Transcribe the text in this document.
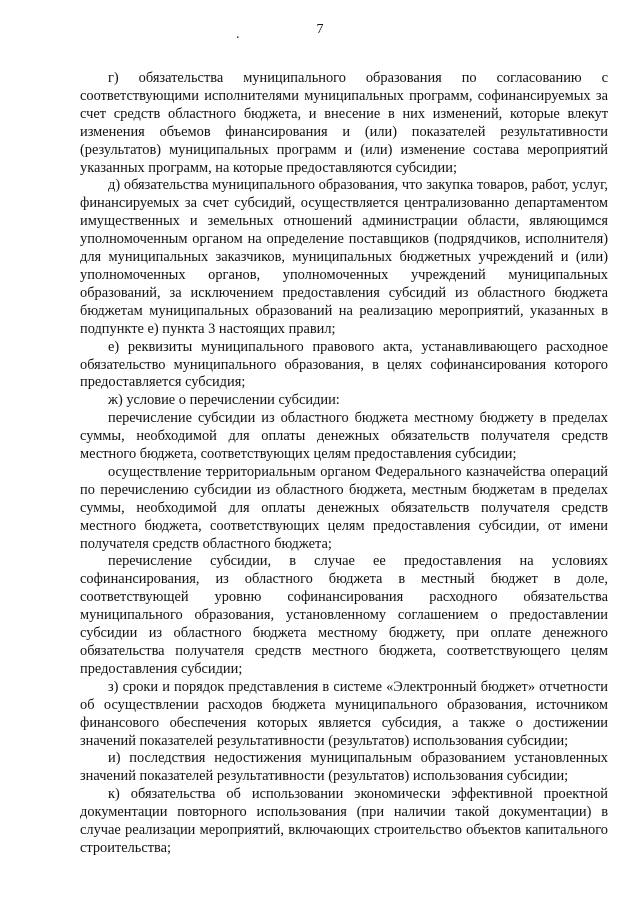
7
.

г) обязательства муниципального образования по согласованию с соответствующими исполнителями муниципальных программ, софинансируемых за счет средств областного бюджета, и внесение в них изменений, которые влекут изменения объемов финансирования и (или) показателей результативности (результатов) муниципальных программ и (или) изменение состава мероприятий указанных программ, на которые предоставляются субсидии;

д) обязательства муниципального образования, что закупка товаров, работ, услуг, финансируемых за счет субсидий, осуществляется централизованно департаментом имущественных и земельных отношений администрации области, являющимся уполномоченным органом на определение поставщиков (подрядчиков, исполнителя) для муниципальных заказчиков, муниципальных бюджетных учреждений и (или) уполномоченных органов, уполномоченных учреждений муниципальных образований, за исключением предоставления субсидий из областного бюджета бюджетам муниципальных образований на реализацию мероприятий, указанных в подпункте е) пункта 3 настоящих правил;

е) реквизиты муниципального правового акта, устанавливающего расходное обязательство муниципального образования, в целях софинансирования которого предоставляется субсидия;

ж) условие о перечислении субсидии:

перечисление субсидии из областного бюджета местному бюджету в пределах суммы, необходимой для оплаты денежных обязательств получателя средств местного бюджета, соответствующих целям предоставления субсидии;

осуществление территориальным органом Федерального казначейства операций по перечислению субсидии из областного бюджета, местным бюджетам в пределах суммы, необходимой для оплаты денежных обязательств получателя средств местного бюджета, соответствующих целям предоставления субсидии, от имени получателя средств областного бюджета;

перечисление субсидии, в случае ее предоставления на условиях софинансирования, из областного бюджета в местный бюджет в доле, соответствующей уровню софинансирования расходного обязательства муниципального образования, установленному соглашением о предоставлении субсидии из областного бюджета местному бюджету, при оплате денежного обязательства получателя средств местного бюджета, соответствующего целям предоставления субсидии;

з) сроки и порядок представления в системе «Электронный бюджет» отчетности об осуществлении расходов бюджета муниципального образования, источником финансового обеспечения которых является субсидия, а также о достижении значений показателей результативности (результатов) использования субсидии;

и) последствия недостижения муниципальным образованием установленных значений показателей результативности (результатов) использования субсидии;

к) обязательства об использовании экономически эффективной проектной документации повторного использования (при наличии такой документации) в случае реализации мероприятий, включающих строительство объектов капитального строительства;
